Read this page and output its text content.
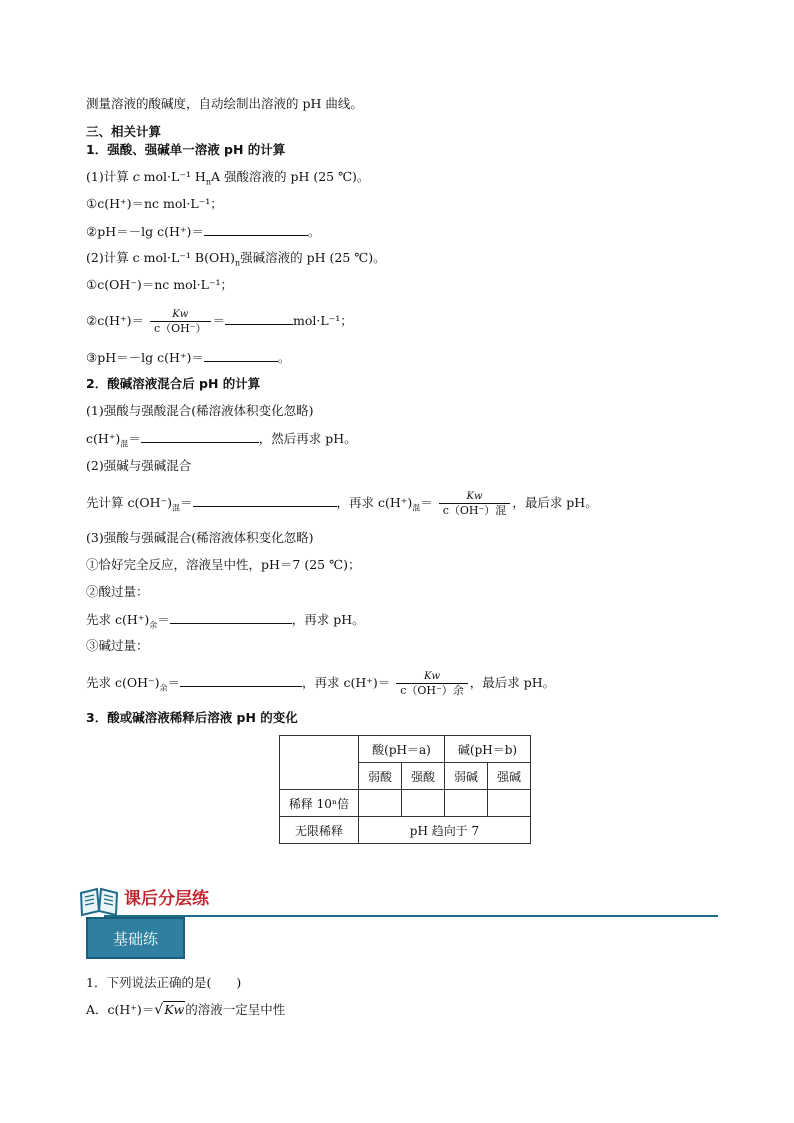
测量溶液的酸碱度，自动绘制出溶液的 pH 曲线。
三、相关计算
1．强酸、强碱单一溶液 pH 的计算
(1)计算 c mol·L⁻¹ $H_nA$ 强酸溶液的 pH (25 ℃)。
①c(H⁺)＝nc mol·L⁻¹；
②pH＝－lg c(H⁺)＝	。
(2)计算 c mol·L⁻¹ $B(OH)_n$强碱溶液的 pH (25 ℃)。
①c(OH⁻)＝nc mol·L⁻¹；
②c(H⁺)＝ $\frac{Kw}{c(OH^-)}$ ＝	mol·L⁻¹；
③pH＝－lg c(H⁺)＝	。
2．酸碱溶液混合后 pH 的计算
(1)强酸与强酸混合(稀溶液体积变化忽略)
$c(H^+)_混=$	，然后再求 pH。
(2)强碱与强碱混合
先计算 $c(OH^-)_混=$	，再求 $c(H^+)_混= \frac{Kw}{\text{c（OH⁻）混}}$ ，最后求 pH。
(3)强酸与强碱混合(稀溶液体积变化忽略)
①恰好完全反应，溶液呈中性，pH＝7 (25 ℃)；
②酸过量：
先求 $c(H^+)_余=$	，再求 pH。
③碱过量：
先求 $c(OH^-)_余=$	，再求 $c(H^+)= \frac{Kw}{\text{c（OH⁻）余}}$ ，最后求 pH。
3．酸或碱溶液稀释后溶液 pH 的变化
	酸(pH＝a)		碱(pH＝b)	
	弱酸	强酸	弱碱	强碱
稀释 10ⁿ倍				
无限稀释	pH 趋向于 7			
课后分层练
基础练
1．下列说法正确的是(　　)
A．c(H⁺)＝√Kw的溶液一定呈中性
